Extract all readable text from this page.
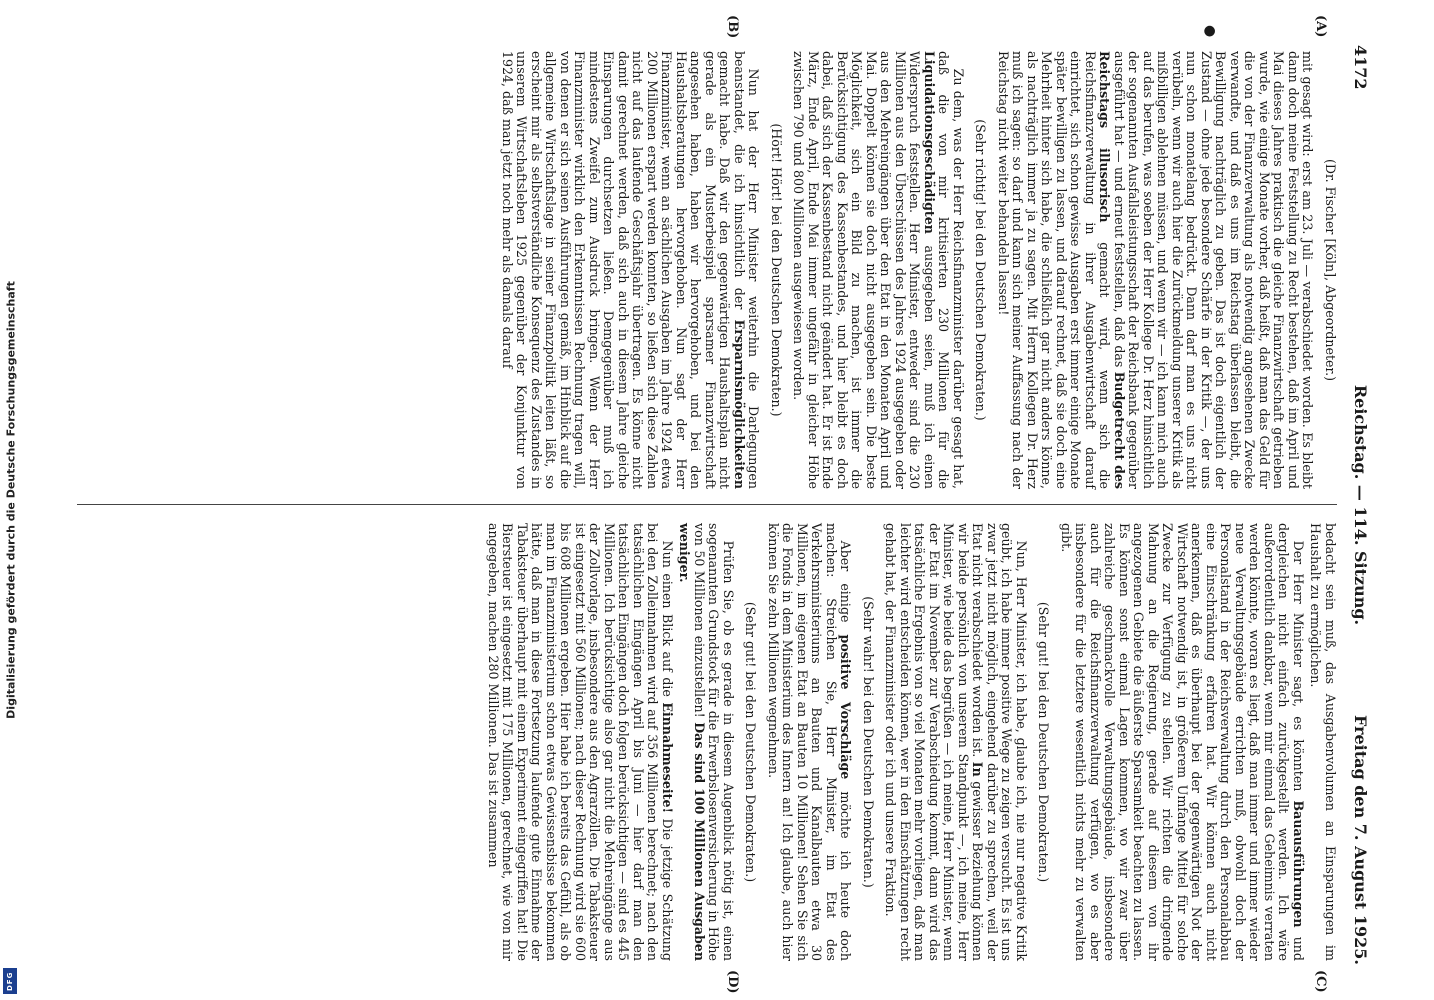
Digitalisierung gefördert durch die Deutsche Forschungsgemeinschaft
DFG
4172
Reichstag. — 114. Sitzung.
Freitag den 7. August 1925.
(A)
●
(B)
(C)
(D)

(Dr. Fischer [Köln], Abgeordneter.)

mit gesagt wird: erst am 23. Juli — verabschiedet worden. Es bleibt dann doch meine Feststellung zu Recht bestehen, daß im April und Mai dieses Jahres praktisch die gleiche Finanzwirtschaft getrieben wurde, wie einige Monate vorher, daß heißt, daß man das Geld für die von der Finanzverwaltung als notwendig angesehenen Zwecke verwandte, und daß es uns im Reichstag überlassen bleibt, die Bewilligung nachträglich zu geben. Das ist doch eigentlich der Zustand — ohne jede besondere Schärfe in der Kritik —, der uns nun schon monatelang bedrückt. Dann darf man es uns nicht verübeln, wenn wir auch hier die Zurückmeldung unserer Kritik als mißbilligen ablehnen müssen, und wenn wir — ich kann mich auch auf das berufen, was soeben der Herr Kollege Dr. Herz hinsichtlich der sogenannten Ausfallsleistungsschaft der Reichsbank gegenüber ausgeführt hat — und erneut feststellen, daß das Budgetrecht des Reichstags illusorisch gemacht wird, wenn sich die Reichsfinanzverwaltung in ihrer Ausgabenwirtschaft darauf einrichtet, sich schon gewisse Ausgaben erst immer einige Monate später bewilligen zu lassen, und darauf rechnet, daß sie doch eine Mehrheit hinter sich habe, die schließlich gar nicht anders könne, als nachträglich immer ja zu sagen. Mit Herrn Kollegen Dr. Herz muß ich sagen: so darf und kann sich meiner Auffassung nach der Reichstag nicht weiter behandeln lassen!

(Sehr richtig! bei den Deutschen Demokraten.)

Zu dem, was der Herr Reichsfinanzminister darüber gesagt hat, daß die von mir kritisierten 230 Millionen für die Liquidationsgeschädigten ausgegeben seien, muß ich einen Widerspruch feststellen. Herr Minister, entweder sind die 230 Millionen aus den Überschüssen des Jahres 1924 ausgegeben oder aus den Mehreingängen über den Etat in den Monaten April und Mai. Doppelt können sie doch nicht ausgegeben sein. Die beste Möglichkeit, sich ein Bild zu machen, ist immer die Berücksichtigung des Kassenbestandes, und hier bleibt es doch dabei, daß sich der Kassenbestand nicht geändert hat. Er ist Ende März, Ende April, Ende Mai immer ungefähr in gleicher Höhe zwischen 790 und 800 Millionen ausgewiesen worden.

(Hört! Hört! bei den Deutschen Demokraten.)

Nun hat der Herr Minister weiterhin die Darlegungen beanstandet, die ich hinsichtlich der Ersparnismöglichkeiten gemacht habe. Daß wir den gegenwärtigen Haushaltsplan nicht gerade als ein Musterbeispiel sparsamer Finanzwirtschaft angesehen haben, haben wir hervorgehoben, und bei den Haushaltsberatungen hervorgehoben. Nun sagt der Herr Finanzminister, wenn an sächlichen Ausgaben im Jahre 1924 etwa 200 Millionen erspart werden konnten, so ließen sich diese Zahlen nicht auf das laufende Geschäftsjahr übertragen. Es könne nicht damit gerechnet werden, daß sich auch in diesem Jahre gleiche Einsparungen durchsetzen ließen. Demgegenüber muß ich mindestens Zweifel zum Ausdruck bringen. Wenn der Herr Finanzminister wirklich den Erkenntnissen Rechnung tragen will, von denen er sich seinen Ausführungen gemäß, im Hinblick auf die allgemeine Wirtschaftslage in seiner Finanzpolitik leiten läßt, so erscheint mir als selbstverständliche Konsequenz des Zustandes in unserem Wirtschaftsleben 1925 gegenüber der Konjunktur von 1924, daß man jetzt noch mehr als damals darauf

bedacht sein muß, das Ausgabenvolumen an Einsparungen im Haushalt zu ermöglichen.

Der Herr Minister sagt, es könnten Bauausführungen und dergleichen nicht einfach zurückgestellt werden. Ich wäre außerordentlich dankbar, wenn mir einmal das Geheimnis verraten werden könnte, woran es liegt, daß man immer und immer wieder neue Verwaltungsgebäude errichten muß, obwohl doch der Personalstand in der Reichsverwaltung durch den Personalabbau eine Einschränkung erfahren hat. Wir können auch nicht anerkennen, daß es überhaupt bei der gegenwärtigen Not der Wirtschaft notwendig ist, in größerem Umfange Mittel für solche Zwecke zur Verfügung zu stellen. Wir richten die dringende Mahnung an die Regierung, gerade auf diesem von ihr angezogenen Gebiete die äußerste Sparsamkeit beachten zu lassen. Es können sonst einmal Lagen kommen, wo wir zwar über zahlreiche geschmackvolle Verwaltungsgebäude, insbesondere auch für die Reichsfinanzverwaltung verfügen, wo es aber insbesondere für die letztere wesentlich nichts mehr zu verwalten gibt.

(Sehr gut! bei den Deutschen Demokraten.)

Nun, Herr Minister, ich habe, glaube ich, nie nur negative Kritik geübt, ich habe immer positive Wege zu zeigen versucht. Es ist uns zwar jetzt nicht möglich, eingehend darüber zu sprechen, weil der Etat nicht verabschiedet worden ist. In gewisser Beziehung können wir beide persönlich von unserem Standpunkt —, ich meine, Herr Minister, wie beide das begrüßen — ich meine, Herr Minister, wenn der Etat im November zur Verabschiedung kommt, dann wird das tatsächliche Ergebnis von so viel Monaten mehr vorliegen, daß man leichter wird entscheiden können, wer in den Einschätzungen recht gehabt hat, der Finanzminister oder ich und unsere Fraktion.

(Sehr wahr! bei den Deutschen Demokraten.)

Aber einige positive Vorschläge möchte ich heute doch machen: Streichen Sie, Herr Minister, im Etat des Verkehrsministeriums an Bauten und Kanalbauten etwa 30 Millionen, im eigenen Etat an Bauten 10 Millionen! Sehen Sie sich die Fonds in dem Ministerium des Innern an! Ich glaube, auch hier können Sie zehn Millionen wegnehmen.

(Sehr gut! bei den Deutschen Demokraten.)

Prüfen Sie, ob es gerade in diesem Augenblick nötig ist, einen sogenannten Grundstock für die Erwerbslosenversicherung in Höhe von 50 Millionen einzustellen! Das sind 100 Millionen Ausgaben weniger.

Nun einen Blick auf die Einnahmeseite! Die jetzige Schätzung bei den Zolleinnahmen wird auf 356 Millionen berechnet; nach den tatsächlichen Eingängen April bis Juni — hier darf man den tatsächlichen Eingängen doch folgen berücksichtigen — sind es 445 Millionen. Ich berücksichtige also gar nicht die Mehreingänge aus der Zollvorlage, insbesondere aus den Agrarzöllen. Die Tabaksteuer ist eingesetzt mit 560 Millionen; nach dieser Rechnung wird sie 600 bis 608 Millionen ergeben. Hier habe ich bereits das Gefühl, als ob man im Finanzministerium schon etwas Gewissensbisse bekommen hätte, daß man in diese Fortsetzung laufende gute Einnahme der Tabaksteuer überhaupt mit einem Experiment eingegriffen hat! Die Biersteuer ist eingesetzt mit 175 Millionen, gerechnet, wie von mir angegeben, machen 280 Millionen. Das ist zusammen
